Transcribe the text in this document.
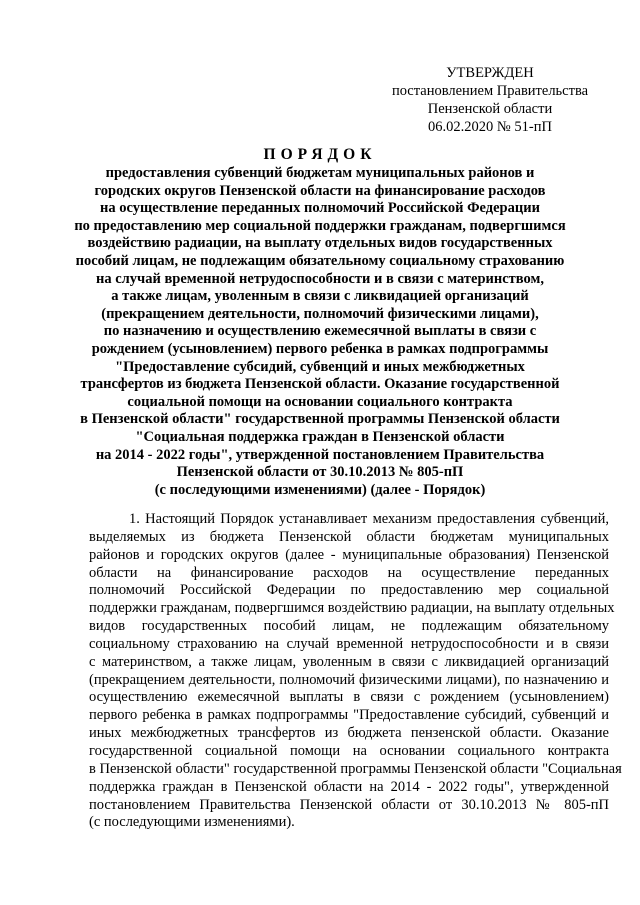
УТВЕРЖДЕН
постановлением Правительства
Пензенской области
06.02.2020 № 51-пП
ПОРЯДОК
предоставления субвенций бюджетам муниципальных районов и
городских округов Пензенской области на финансирование расходов
на осуществление переданных полномочий Российской Федерации
по предоставлению мер социальной поддержки гражданам, подвергшимся
воздействию радиации, на выплату отдельных видов государственных
пособий лицам, не подлежащим обязательному социальному страхованию
на случай временной нетрудоспособности и в связи с материнством,
а также лицам, уволенным в связи с ликвидацией организаций
(прекращением деятельности, полномочий физическими лицами),
по назначению и осуществлению ежемесячной выплаты в связи с
рождением (усыновлением) первого ребенка в рамках подпрограммы
"Предоставление субсидий, субвенций и иных межбюджетных
трансфертов из бюджета Пензенской области. Оказание государственной
социальной помощи на основании социального контракта
в Пензенской области" государственной программы Пензенской области
"Социальная поддержка граждан в Пензенской области
на 2014 - 2022 годы", утвержденной постановлением Правительства
Пензенской области от 30.10.2013 № 805-пП
(с последующими изменениями) (далее - Порядок)
1. Настоящий Порядок устанавливает механизм предоставления субвенций,
выделяемых из бюджета Пензенской области бюджетам муниципальных
районов и городских округов (далее - муниципальные образования) Пензенской
области на финансирование расходов на осуществление переданных
полномочий Российской Федерации по предоставлению мер социальной
поддержки гражданам, подвергшимся воздействию радиации, на выплату отдельных
видов государственных пособий лицам, не подлежащим обязательному
социальному страхованию на случай временной нетрудоспособности и в связи
с материнством, а также лицам, уволенным в связи с ликвидацией организаций
(прекращением деятельности, полномочий физическими лицами), по назначению и
осуществлению ежемесячной выплаты в связи с рождением (усыновлением)
первого ребенка в рамках подпрограммы "Предоставление субсидий, субвенций и
иных межбюджетных трансфертов из бюджета пензенской области. Оказание
государственной социальной помощи на основании социального контракта
в Пензенской области" государственной программы Пензенской области "Социальная
поддержка граждан в Пензенской области на 2014 - 2022 годы", утвержденной
постановлением Правительства Пензенской области от 30.10.2013 № 805-пП
(с последующими изменениями).
